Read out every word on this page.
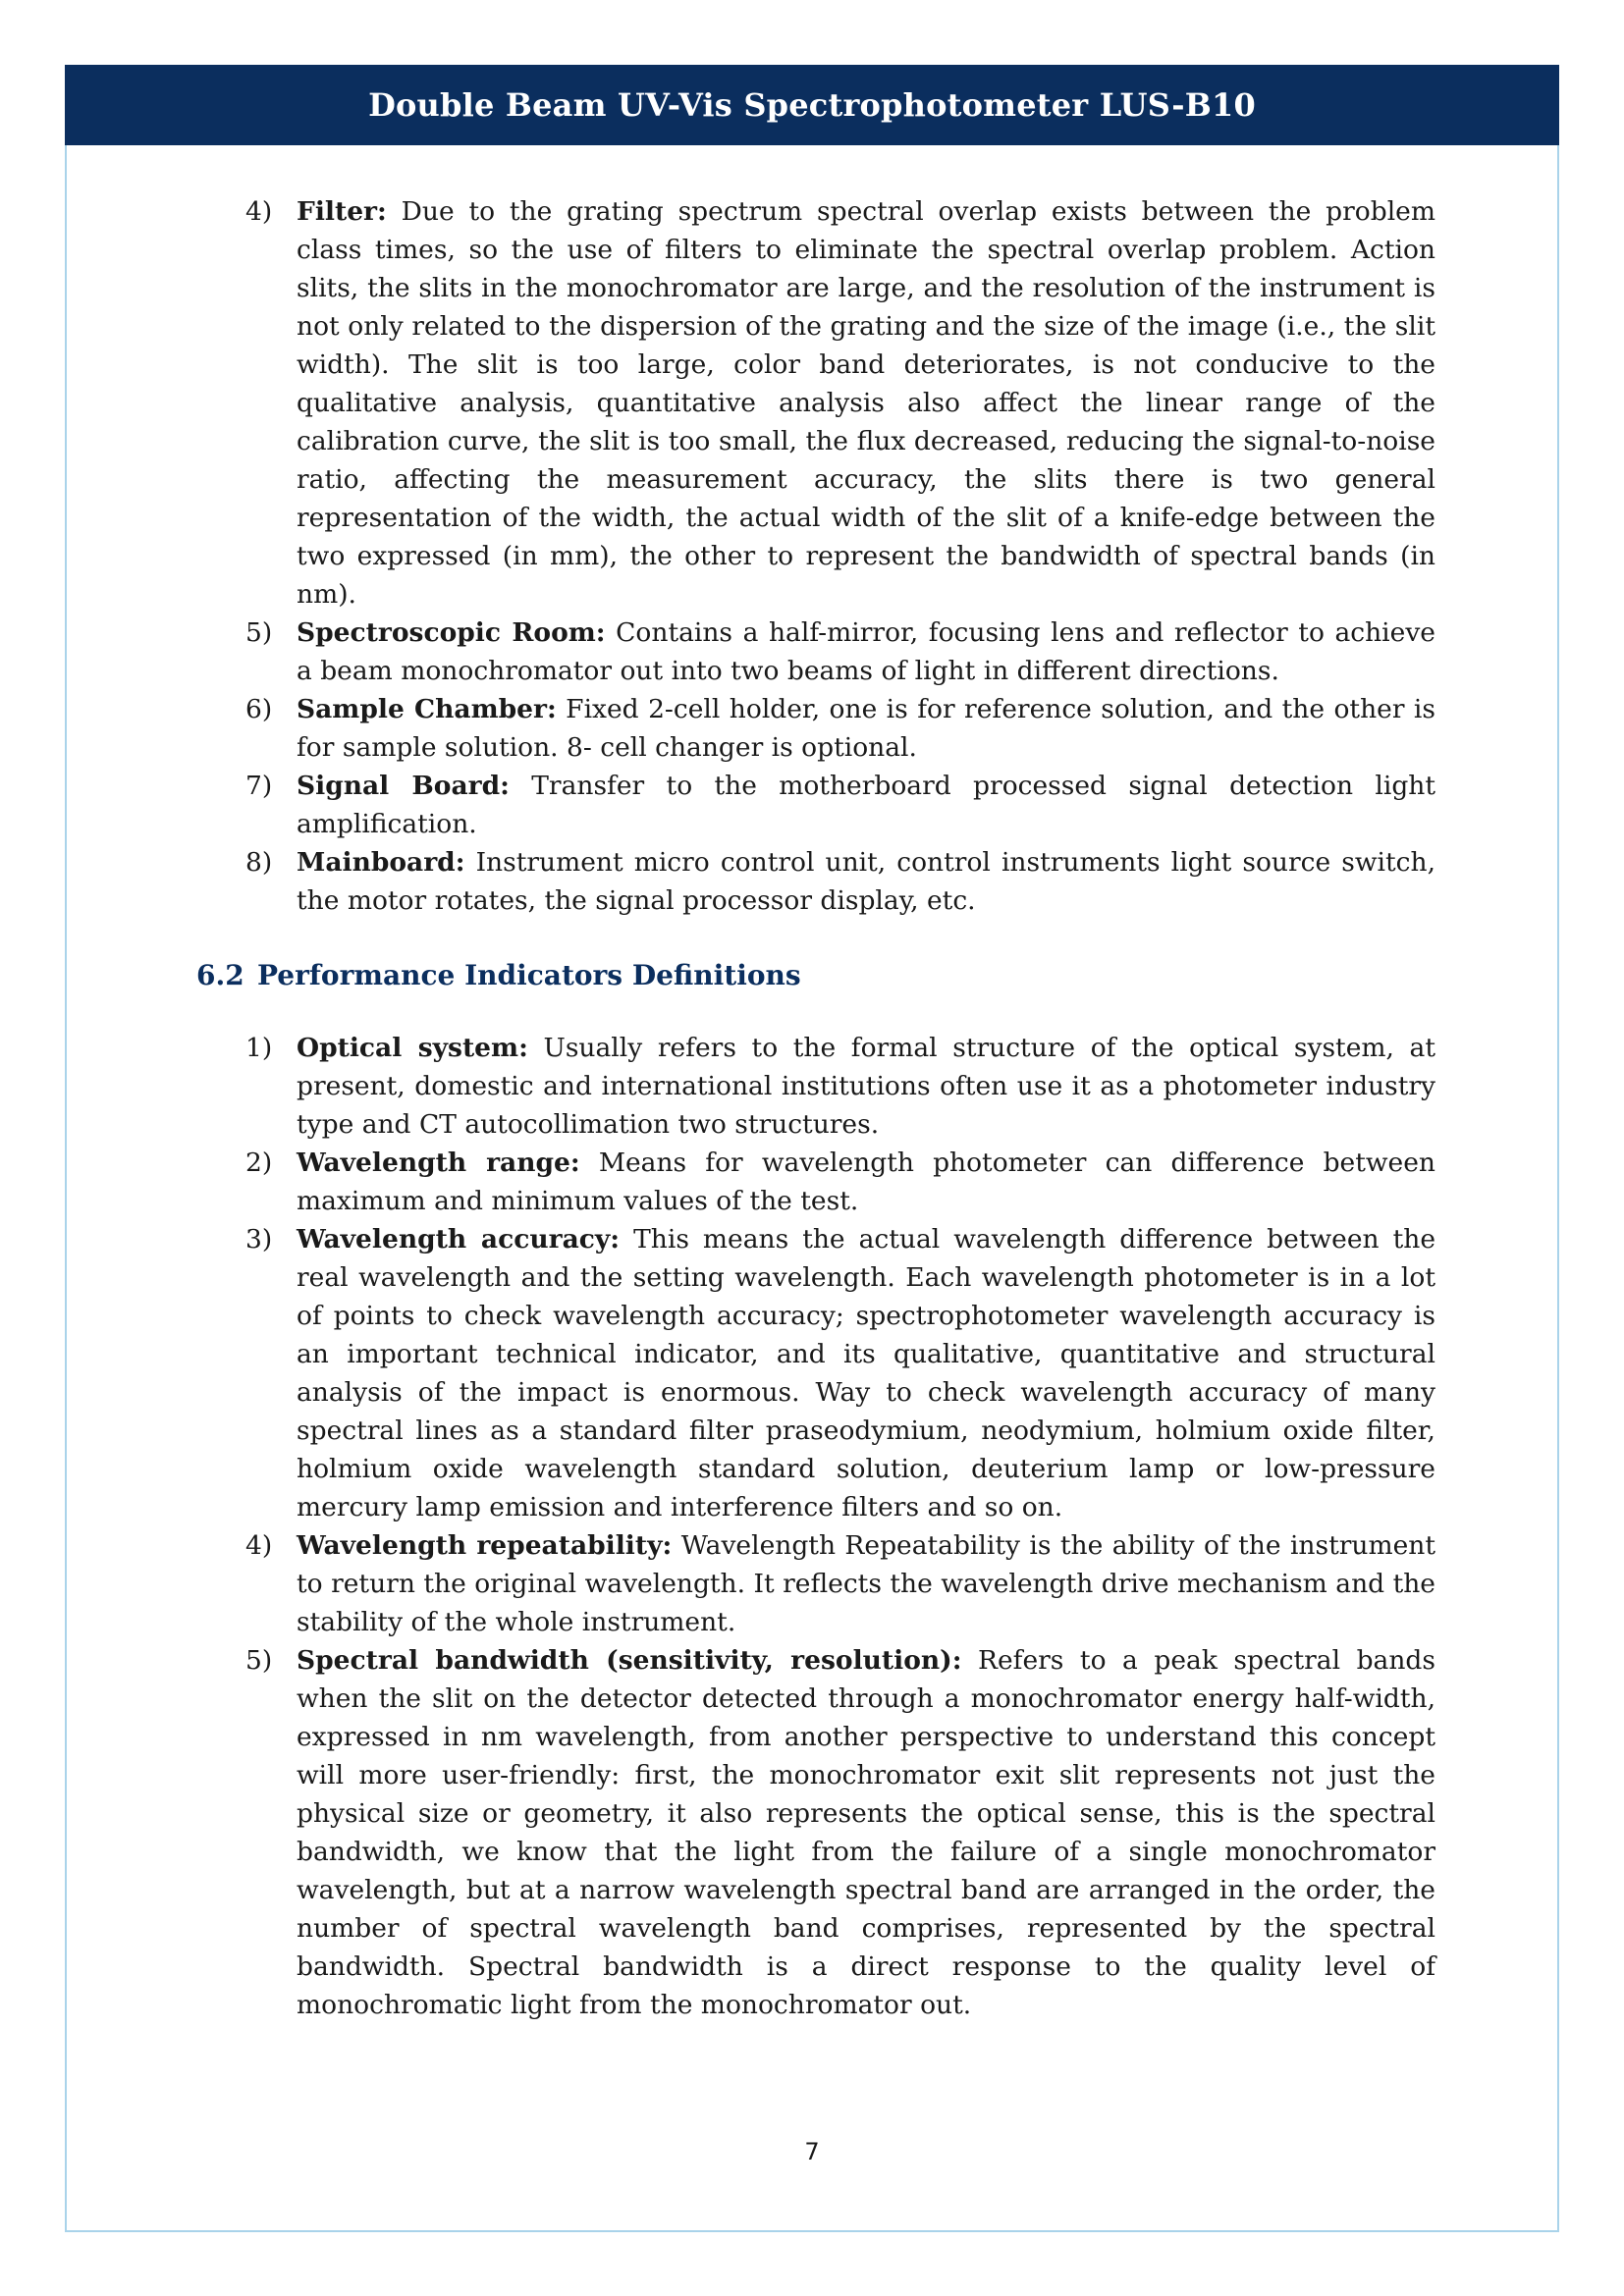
Double Beam UV-Vis Spectrophotometer LUS-B10
4) Filter: Due to the grating spectrum spectral overlap exists between the problem class times, so the use of filters to eliminate the spectral overlap problem. Action slits, the slits in the monochromator are large, and the resolution of the instrument is not only related to the dispersion of the grating and the size of the image (i.e., the slit width). The slit is too large, color band deteriorates, is not conducive to the qualitative analysis, quantitative analysis also affect the linear range of the calibration curve, the slit is too small, the flux decreased, reducing the signal-to-noise ratio, affecting the measurement accuracy, the slits there is two general representation of the width, the actual width of the slit of a knife-edge between the two expressed (in mm), the other to represent the bandwidth of spectral bands (in nm).
5) Spectroscopic Room: Contains a half-mirror, focusing lens and reflector to achieve a beam monochromator out into two beams of light in different directions.
6) Sample Chamber: Fixed 2-cell holder, one is for reference solution, and the other is for sample solution. 8- cell changer is optional.
7) Signal Board: Transfer to the motherboard processed signal detection light amplification.
8) Mainboard: Instrument micro control unit, control instruments light source switch, the motor rotates, the signal processor display, etc.
6.2 Performance Indicators Definitions
1) Optical system: Usually refers to the formal structure of the optical system, at present, domestic and international institutions often use it as a photometer industry type and CT autocollimation two structures.
2) Wavelength range: Means for wavelength photometer can difference between maximum and minimum values of the test.
3) Wavelength accuracy: This means the actual wavelength difference between the real wavelength and the setting wavelength. Each wavelength photometer is in a lot of points to check wavelength accuracy; spectrophotometer wavelength accuracy is an important technical indicator, and its qualitative, quantitative and structural analysis of the impact is enormous. Way to check wavelength accuracy of many spectral lines as a standard filter praseodymium, neodymium, holmium oxide filter, holmium oxide wavelength standard solution, deuterium lamp or low-pressure mercury lamp emission and interference filters and so on.
4) Wavelength repeatability: Wavelength Repeatability is the ability of the instrument to return the original wavelength. It reflects the wavelength drive mechanism and the stability of the whole instrument.
5) Spectral bandwidth (sensitivity, resolution): Refers to a peak spectral bands when the slit on the detector detected through a monochromator energy half-width, expressed in nm wavelength, from another perspective to understand this concept will more user-friendly: first, the monochromator exit slit represents not just the physical size or geometry, it also represents the optical sense, this is the spectral bandwidth, we know that the light from the failure of a single monochromator wavelength, but at a narrow wavelength spectral band are arranged in the order, the number of spectral wavelength band comprises, represented by the spectral bandwidth. Spectral bandwidth is a direct response to the quality level of monochromatic light from the monochromator out.
7
